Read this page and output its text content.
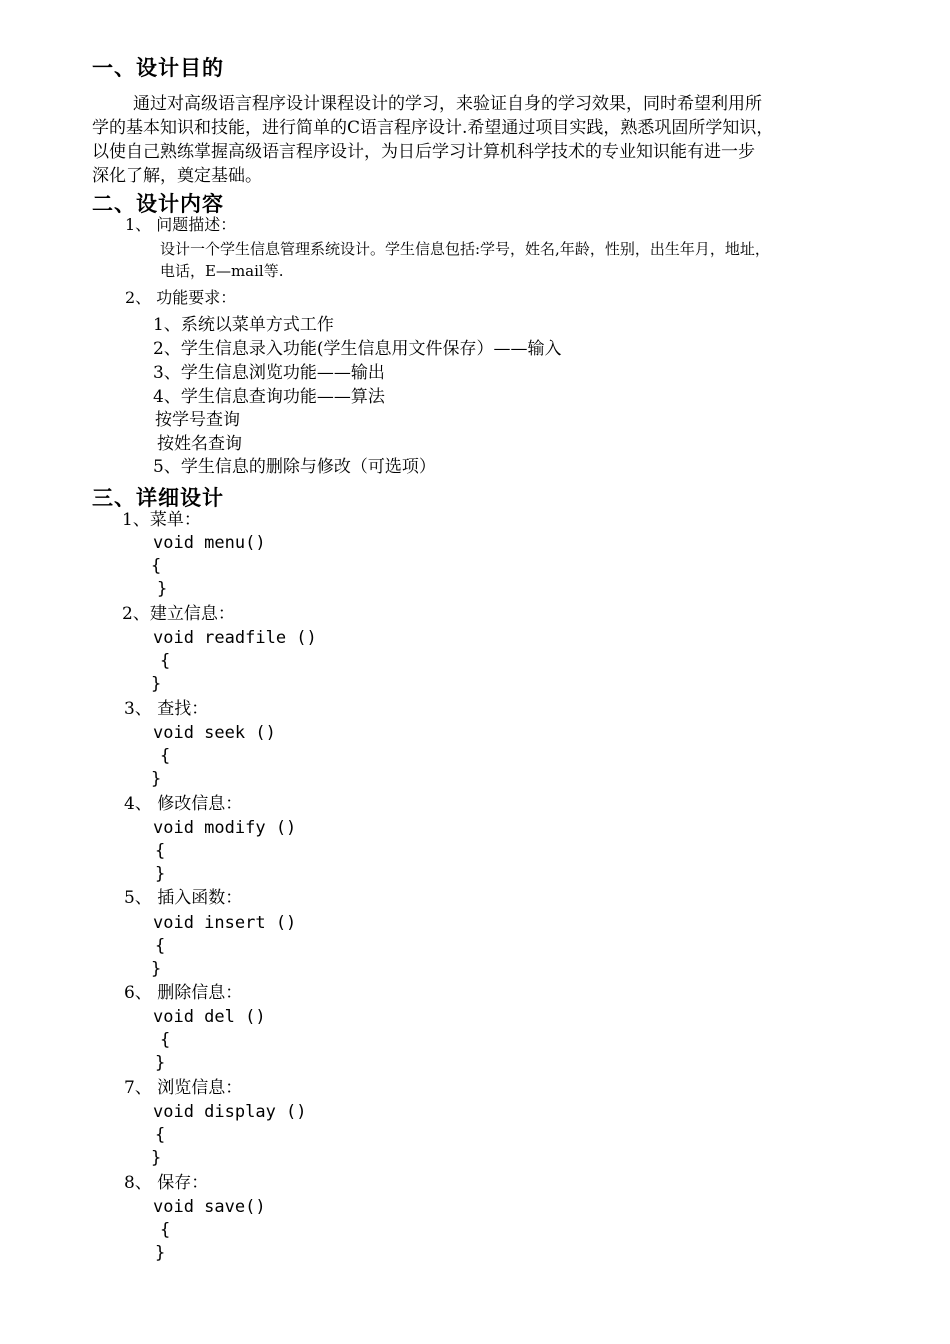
一、设计目的
通过对高级语言程序设计课程设计的学习，来验证自身的学习效果，同时希望利用所
学的基本知识和技能，进行简单的C语言程序设计.希望通过项目实践，熟悉巩固所学知识，
以使自己熟练掌握高级语言程序设计，为日后学习计算机科学技术的专业知识能有进一步
深化了解，奠定基础。
二、设计内容
1、 问题描述：
设计一个学生信息管理系统设计。学生信息包括:学号，姓名,年龄，性别，出生年月，地址，
电话，E—mail等.
2、 功能要求：
1、系统以菜单方式工作
2、学生信息录入功能(学生信息用文件保存）——输入
3、学生信息浏览功能——输出
4、学生信息查询功能——算法
按学号查询
按姓名查询
5、学生信息的删除与修改（可选项）
三、详细设计
1、菜单：
void menu()
{
}
2、建立信息：
void readfile ()
{
}
3、 查找：
void seek ()
{
}
4、 修改信息：
void modify ()
{
}
5、 插入函数：
void insert ()
{
}
6、 删除信息：
void del ()
{
}
7、 浏览信息：
void display ()
{
}
8、 保存：
void save()
{
}
